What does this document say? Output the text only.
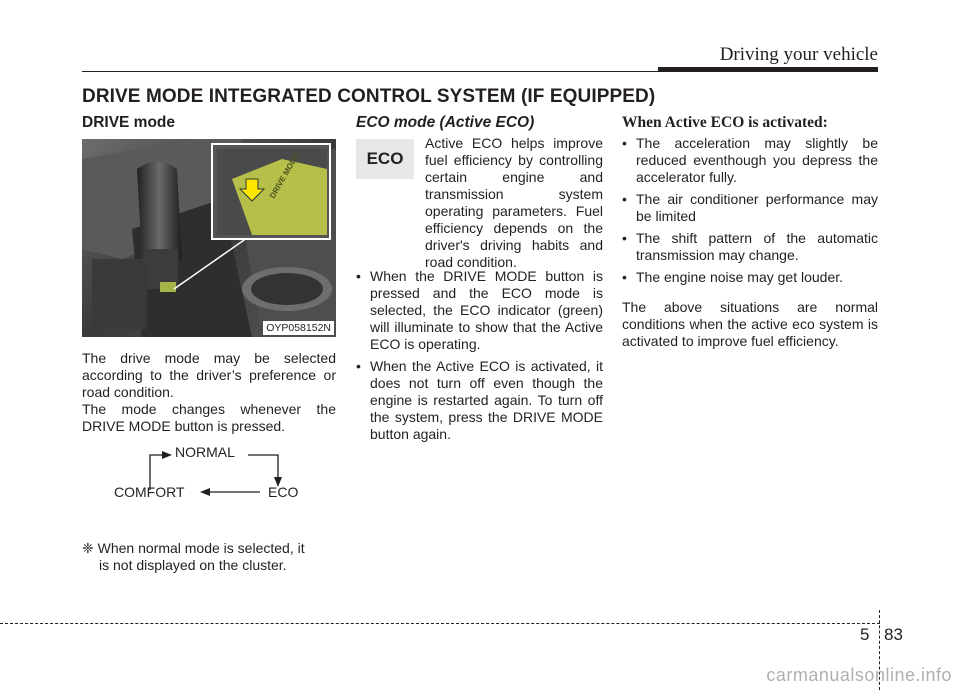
Driving your vehicle
DRIVE MODE INTEGRATED CONTROL SYSTEM (IF EQUIPPED)
DRIVE mode
DRIVE MODE
OYP058152N

The drive mode may be selected according to the driver’s preference or road condition.

The mode changes whenever the DRIVE MODE button is pressed.

NORMAL
COMFORT	ECO
❈ When normal mode is selected, it
is not displayed on the cluster.
ECO mode (Active ECO)
ECO

Active ECO helps improve fuel efficiency by controlling certain engine and transmission system operating parameters. Fuel efficiency depends on the driver's driving habits and road condition.

• When the DRIVE MODE button is pressed and the ECO mode is selected, the ECO indicator (green) will illuminate to show that the Active ECO is operating.
• When the Active ECO is activated, it does not turn off even though the engine is restarted again. To turn off the system, press the DRIVE MODE button again.
When Active ECO is activated:
• The acceleration may slightly be reduced eventhough you depress the accelerator fully.
• The air conditioner performance may be limited
• The shift pattern of the automatic transmission may change.
• The engine noise may get louder.

The above situations are normal conditions when the active eco system is activated to improve fuel efficiency.

5 83
carmanualsonline.info
